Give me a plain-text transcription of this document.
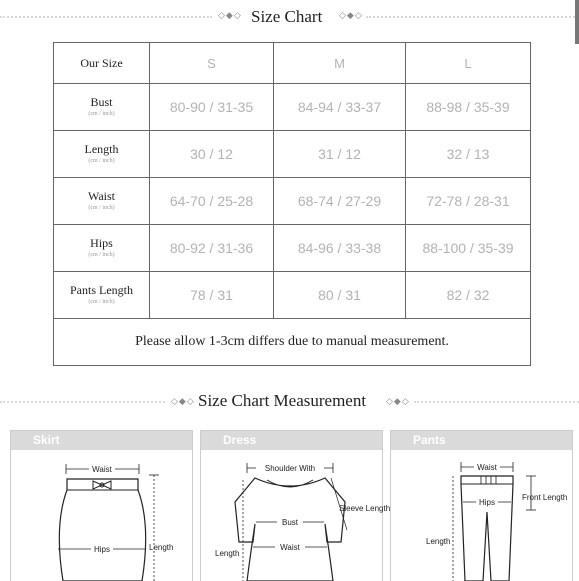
◇◆◇ Size Chart ◇◆◇
Our Size	S	M	L
Bust
(cm / inch)	80-90 / 31-35	84-94 / 33-37	88-98 / 35-39
Length
(cm / inch)	30 / 12	31 / 12	32 / 13
Waist
(cm / inch)	64-70 / 25-28	68-74 / 27-29	72-78 / 28-31
Hips
(cm / inch)	80-92 / 31-36	84-96 / 33-38	88-100 / 35-39
Pants Length
(cm / inch)	78 / 31	80 / 31	82 / 32
Please allow 1-3cm differs due to manual measurement.			
◇◆◇ Size Chart Measurement ◇◆◇
Skirt
Waist
Hips	Length
Dress
Shoulder With
Sleeve Length
Bust
Waist
Length
Pants
Waist
Hips
Front Length
Length
